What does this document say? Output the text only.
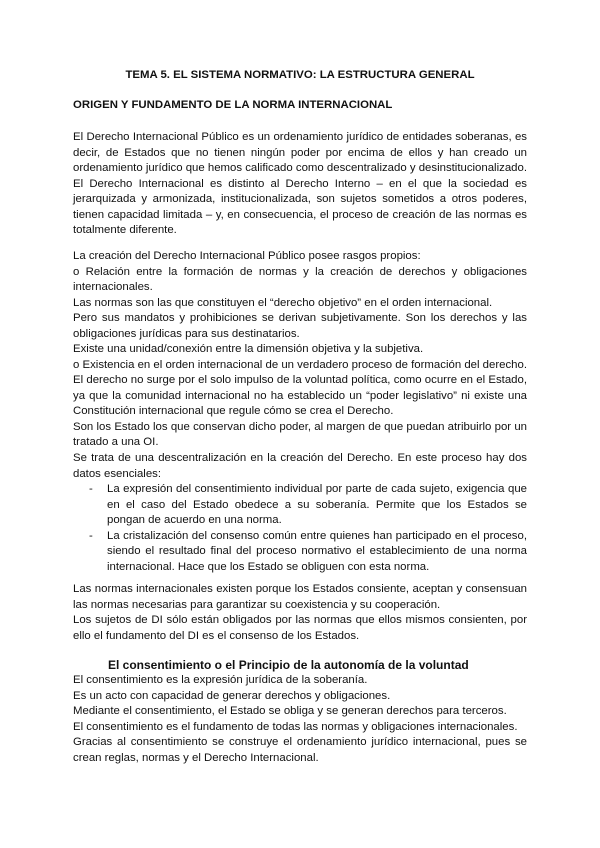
TEMA 5. EL SISTEMA NORMATIVO: LA ESTRUCTURA GENERAL
ORIGEN Y FUNDAMENTO DE LA NORMA INTERNACIONAL

El Derecho Internacional Público es un ordenamiento jurídico de entidades soberanas, es decir, de Estados que no tienen ningún poder por encima de ellos y han creado un ordenamiento jurídico que hemos calificado como descentralizado y desinstitucionalizado.

El Derecho Internacional es distinto al Derecho Interno – en el que la sociedad es jerarquizada y armonizada, institucionalizada, son sujetos sometidos a otros poderes, tienen capacidad limitada – y, en consecuencia, el proceso de creación de las normas es totalmente diferente.

La creación del Derecho Internacional Público posee rasgos propios:

o Relación entre la formación de normas y la creación de derechos y obligaciones internacionales.

Las normas son las que constituyen el “derecho objetivo” en el orden internacional.

Pero sus mandatos y prohibiciones se derivan subjetivamente. Son los derechos y las obligaciones jurídicas para sus destinatarios.

Existe una unidad/conexión entre la dimensión objetiva y la subjetiva.

o Existencia en el orden internacional de un verdadero proceso de formación del derecho.

El derecho no surge por el solo impulso de la voluntad política, como ocurre en el Estado, ya que la comunidad internacional no ha establecido un “poder legislativo” ni existe una Constitución internacional que regule cómo se crea el Derecho.

Son los Estado los que conservan dicho poder, al margen de que puedan atribuirlo por un tratado a una OI.

Se trata de una descentralización en la creación del Derecho. En este proceso hay dos datos esenciales:

- La expresión del consentimiento individual por parte de cada sujeto, exigencia que en el caso del Estado obedece a su soberanía. Permite que los Estados se pongan de acuerdo en una norma.
- La cristalización del consenso común entre quienes han participado en el proceso, siendo el resultado final del proceso normativo el establecimiento de una norma internacional. Hace que los Estado se obliguen con esta norma.

Las normas internacionales existen porque los Estados consiente, aceptan y consensuan las normas necesarias para garantizar su coexistencia y su cooperación.

Los sujetos de DI sólo están obligados por las normas que ellos mismos consienten, por ello el fundamento del DI es el consenso de los Estados.

El consentimiento o el Principio de la autonomía de la voluntad

El consentimiento es la expresión jurídica de la soberanía.

Es un acto con capacidad de generar derechos y obligaciones.

Mediante el consentimiento, el Estado se obliga y se generan derechos para terceros.

El consentimiento es el fundamento de todas las normas y obligaciones internacionales.

Gracias al consentimiento se construye el ordenamiento jurídico internacional, pues se crean reglas, normas y el Derecho Internacional.
